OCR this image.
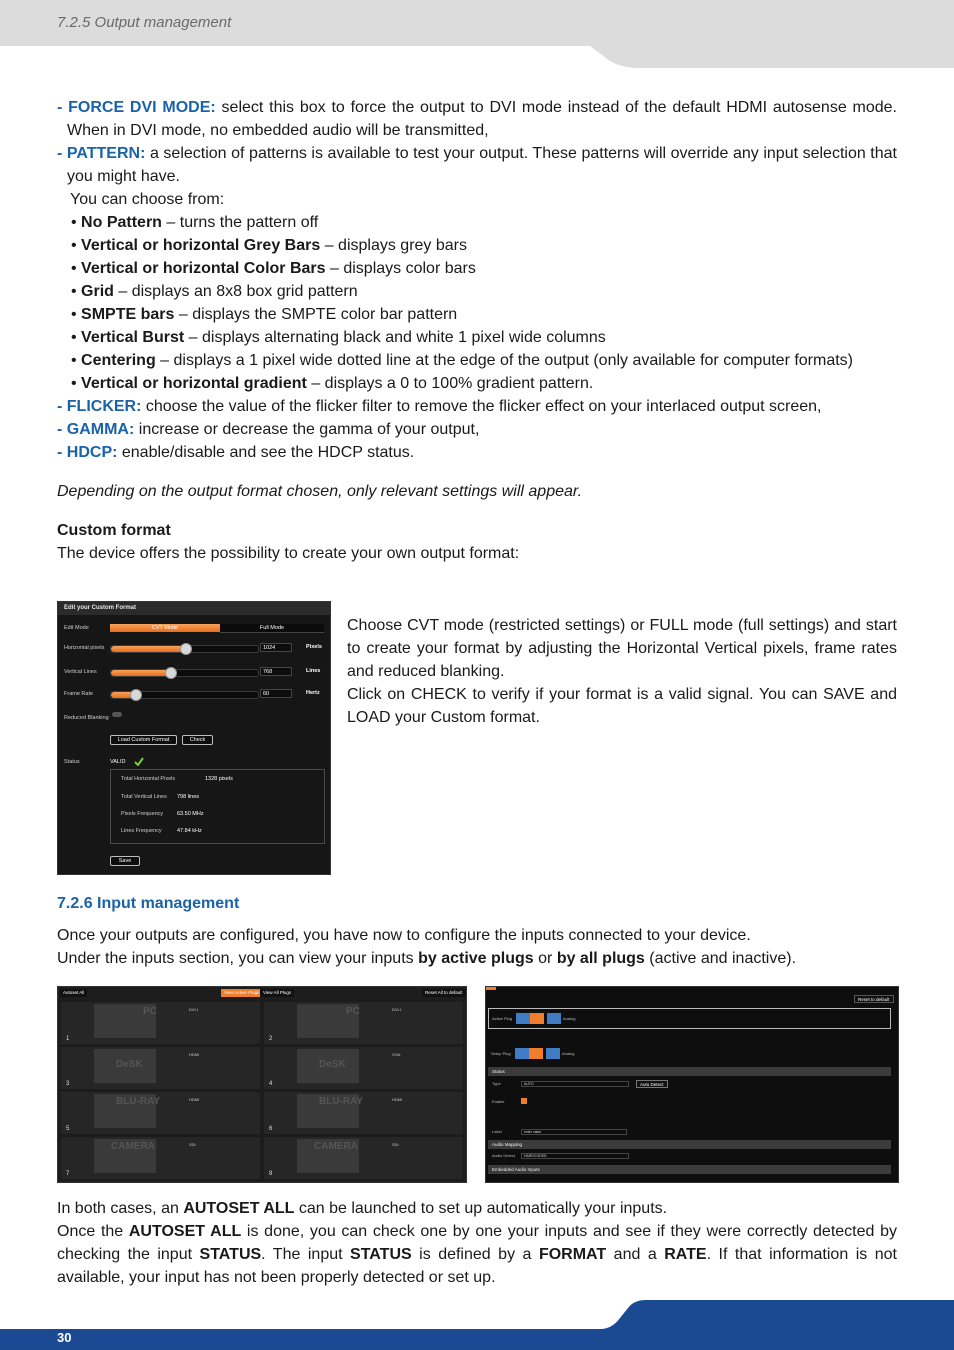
7.2.5 Output management

- FORCE DVI MODE: select this box to force the output to DVI mode instead of the default HDMI autosense mode. When in DVI mode, no embedded audio will be transmitted,

- PATTERN: a selection of patterns is available to test your output. These patterns will override any input selection that you might have.

You can choose from:

• No Pattern – turns the pattern off

• Vertical or horizontal Grey Bars – displays grey bars

• Vertical or horizontal Color Bars – displays color bars

• Grid – displays an 8x8 box grid pattern

• SMPTE bars – displays the SMPTE color bar pattern

• Vertical Burst – displays alternating black and white 1 pixel wide columns

• Centering – displays a 1 pixel wide dotted line at the edge of the output (only available for computer formats)

• Vertical or horizontal gradient – displays a 0 to 100% gradient pattern.

- FLICKER: choose the value of the flicker filter to remove the flicker effect on your interlaced output screen,

- GAMMA: increase or decrease the gamma of your output,

- HDCP: enable/disable and see the HDCP status.

Depending on the output format chosen, only relevant settings will appear.

Custom format

The device offers the possibility to create your own output format:

Edit your Custom Format
Edit Mode	CVT Mode	Full Mode
Horizontal pixels	1024	Pixels
Vertical Lines	768	Lines
Frame Rate	60	Hertz
Reduced Blanking
Load Custom Format	Check
Status	VALID
Total Horizontal Pixels	1328 pixels
Total Vertical Lines 798 lines
Pixels Frequency	63.50 MHz
Lines Frequency	47.84 kHz
Save

Choose CVT mode (restricted settings) or FULL mode (full settings) and start to create your format by adjusting the Horizontal Vertical pixels, frame rates and reduced blanking.

Click on CHECK to verify if your format is a valid signal. You can SAVE and LOAD your Custom format.

7.2.6 Input management

Once your outputs are configured, you have now to configure the inputs connected to your device.

Under the inputs section, you can view your inputs by active plugs or by all plugs (active and inactive).

Autoset All	View Active Plugs View All Plugs	Reset All to default
PC	DVI-I
1
PC	DVI-I
2
DeSK
HDMI
3
DeSK
VGA
4
BLU-RAY	HDMI
5
BLU-RAY	HDMI
6
CAMERA	SDI
7
CAMERA	SDI
8
Reset to default
Active Plug	Analog
Setup Plug	Analog
Status
Type	AUTO	Auto Detect
Enable
Label	enter value
Audio Mapping
Audio Detect	HARDCODED
Embedded Audio Inputs

In both cases, an AUTOSET ALL can be launched to set up automatically your inputs.

Once the AUTOSET ALL is done, you can check one by one your inputs and see if they were correctly detected by checking the input STATUS. The input STATUS is defined by a FORMAT and a RATE. If that information is not available, your input has not been properly detected or set up.

30
